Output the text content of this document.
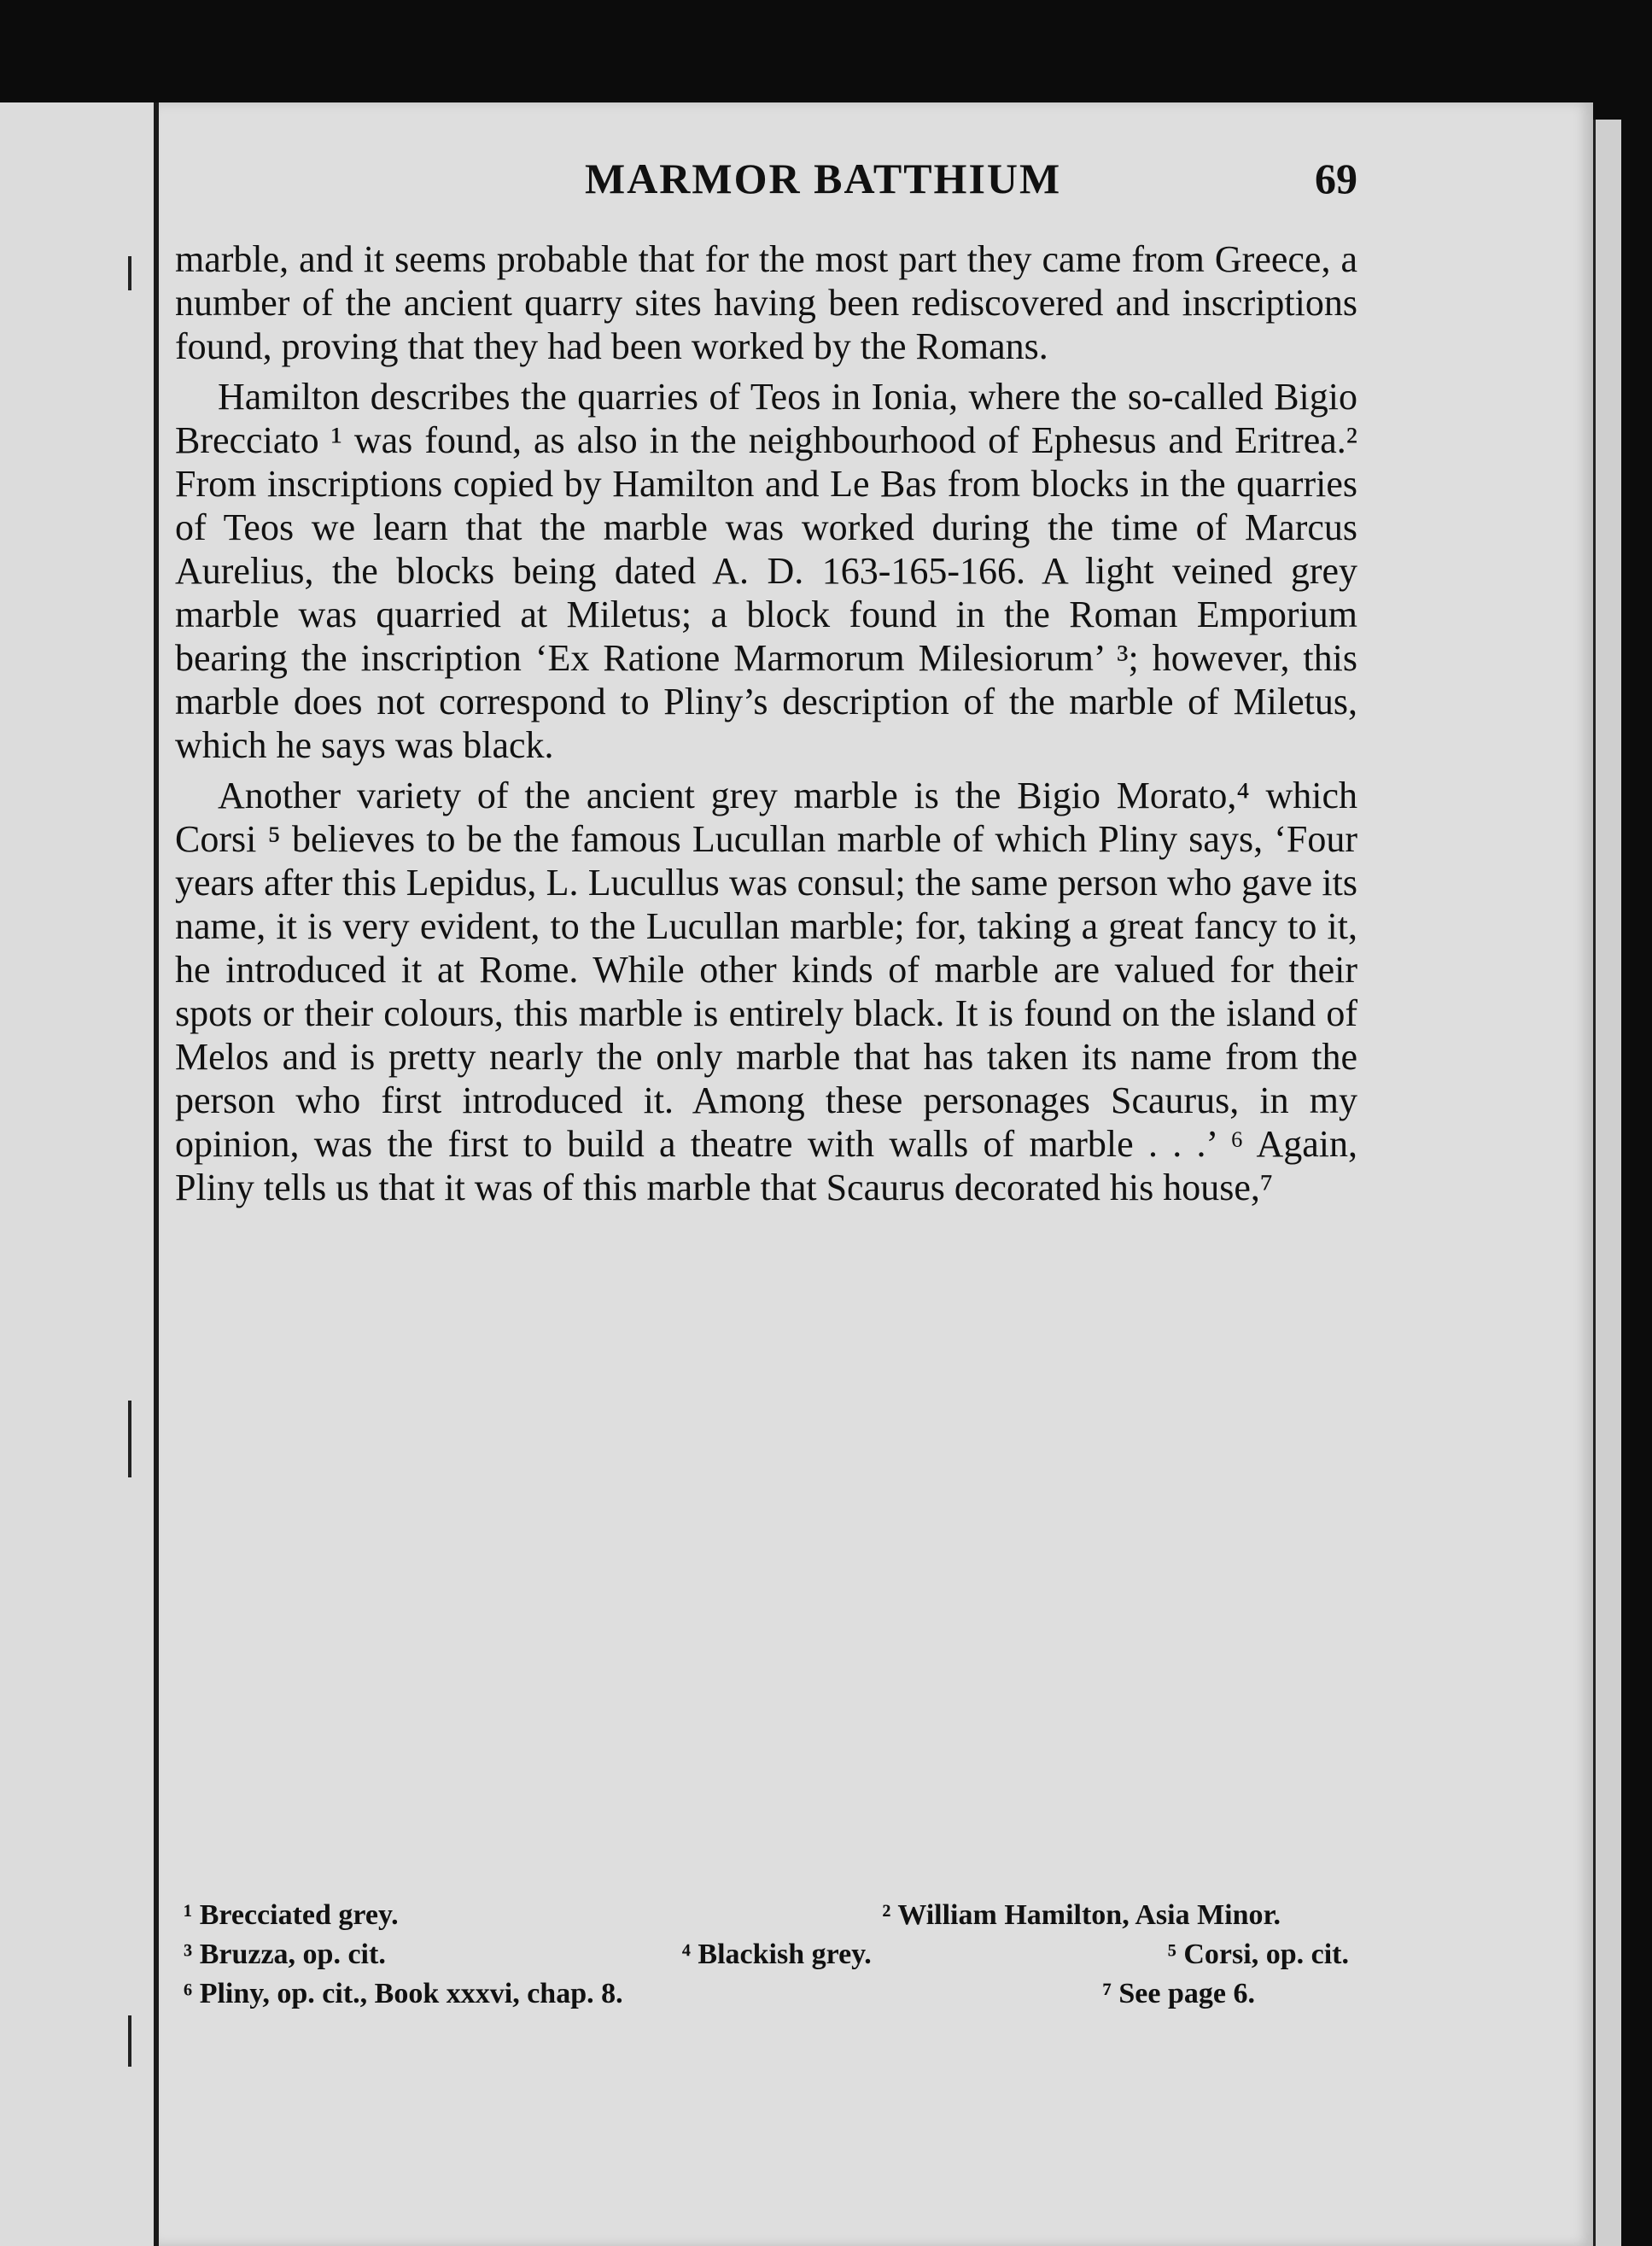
MARMOR BATTHIUM	69

marble, and it seems probable that for the most part they came from Greece, a number of the ancient quarry sites having been rediscovered and inscriptions found, proving that they had been worked by the Romans.

Hamilton describes the quarries of Teos in Ionia, where the so-called Bigio Brecciato ¹ was found, as also in the neighbourhood of Ephesus and Eritrea.² From inscriptions copied by Hamilton and Le Bas from blocks in the quarries of Teos we learn that the marble was worked during the time of Marcus Aurelius, the blocks being dated A. D. 163-165-166. A light veined grey marble was quarried at Miletus; a block found in the Roman Emporium bearing the inscription ‘Ex Ratione Marmorum Milesiorum’ ³; however, this marble does not correspond to Pliny’s description of the marble of Miletus, which he says was black.

Another variety of the ancient grey marble is the Bigio Morato,⁴ which Corsi ⁵ believes to be the famous Lucullan marble of which Pliny says, ‘Four years after this Lepidus, L. Lucullus was consul; the same person who gave its name, it is very evident, to the Lucullan marble; for, taking a great fancy to it, he introduced it at Rome. While other kinds of marble are valued for their spots or their colours, this marble is entirely black. It is found on the island of Melos and is pretty nearly the only marble that has taken its name from the person who first introduced it. Among these personages Scaurus, in my opinion, was the first to build a theatre with walls of marble . . .’ ⁶ Again, Pliny tells us that it was of this marble that Scaurus decorated his house,⁷

¹ Brecciated grey.	² William Hamilton, Asia Minor.
³ Bruzza, op. cit.	⁴ Blackish grey.	⁵ Corsi, op. cit.
⁶ Pliny, op. cit., Book xxxvi, chap. 8.	⁷ See page 6.
